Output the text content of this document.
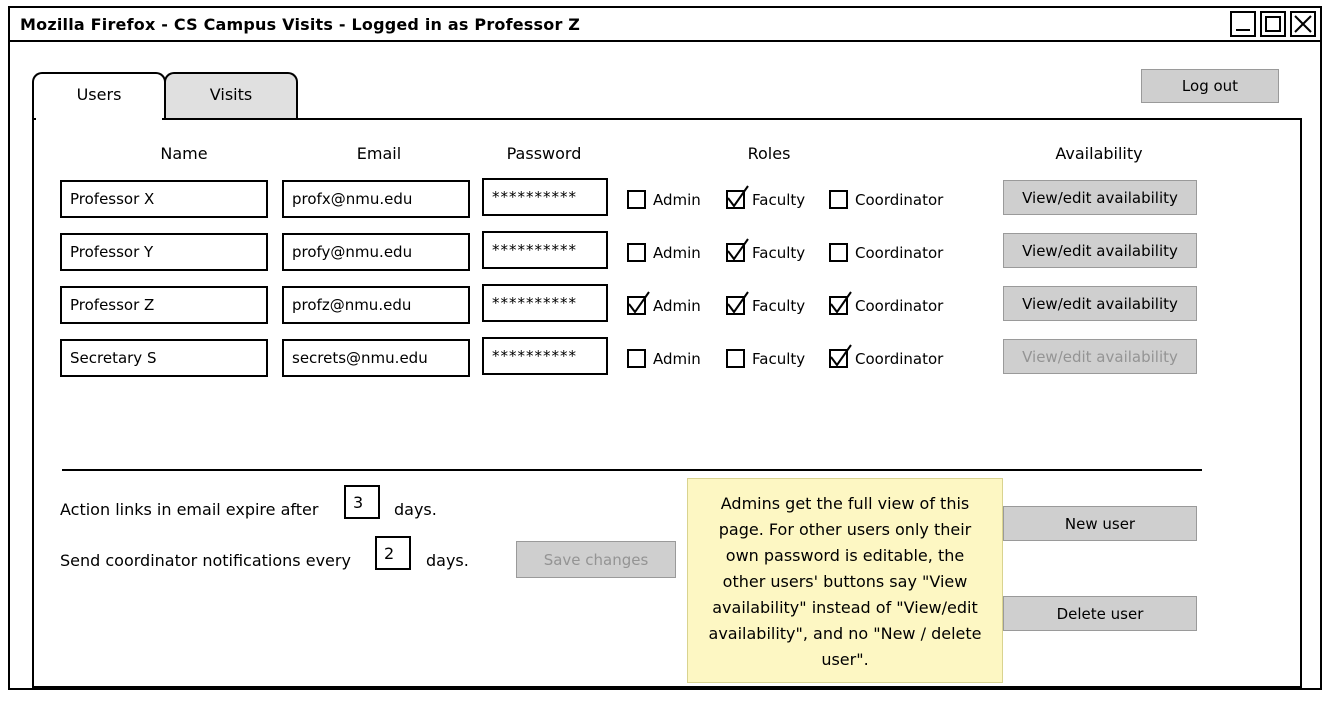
Mozilla Firefox - CS Campus Visits - Logged in as Professor Z
Users	Visits	Log out
Name	Email	Password	Roles	Availability
Professor X	profx@nmu.edu	**********	Admin	Faculty	Coordinator	View/edit availability
Professor Y	profy@nmu.edu	**********	Admin	Faculty	Coordinator	View/edit availability
Professor Z	profz@nmu.edu	**********	Admin	Faculty	Coordinator	View/edit availability
Secretary S	secrets@nmu.edu	**********	Admin	Faculty	Coordinator	View/edit availability
New user
Delete user
Action links in email expire after 3 days.
Send coordinator notifications every 2 days.	Save changes
Admins get the full view of this page. For other users only their own password is editable, the other users' buttons say "View availability" instead of "View/edit availability", and no "New / delete user".
